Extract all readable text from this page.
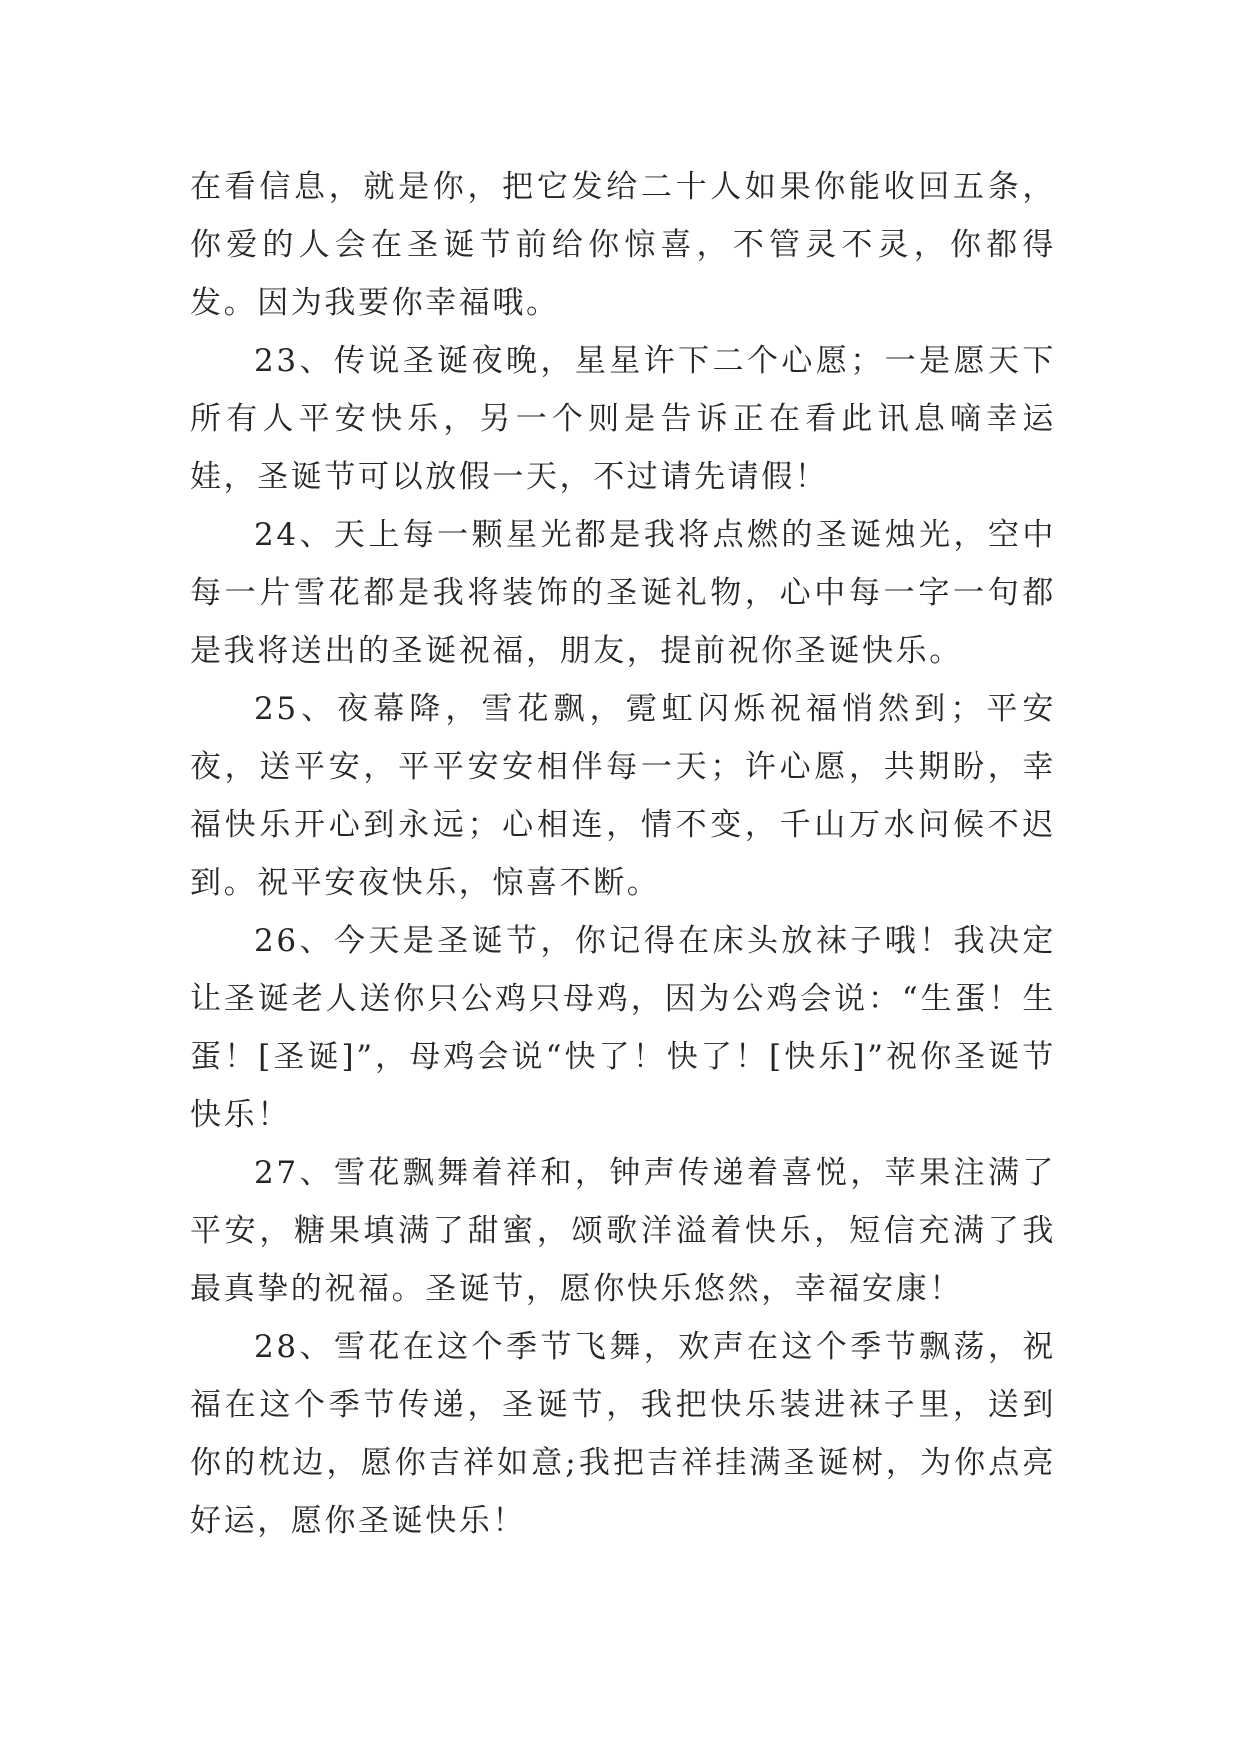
在看信息，就是你，把它发给二十人如果你能收回五条，你爱的人会在圣诞节前给你惊喜，不管灵不灵，你都得发。因为我要你幸福哦。

23、传说圣诞夜晚，星星许下二个心愿；一是愿天下所有人平安快乐，另一个则是告诉正在看此讯息嘀幸运娃，圣诞节可以放假一天，不过请先请假！

24、天上每一颗星光都是我将点燃的圣诞烛光，空中每一片雪花都是我将装饰的圣诞礼物，心中每一字一句都是我将送出的圣诞祝福，朋友，提前祝你圣诞快乐。

25、夜幕降，雪花飘，霓虹闪烁祝福悄然到；平安夜，送平安，平平安安相伴每一天；许心愿，共期盼，幸福快乐开心到永远；心相连，情不变，千山万水问候不迟到。祝平安夜快乐，惊喜不断。

26、今天是圣诞节，你记得在床头放袜子哦！我决定让圣诞老人送你只公鸡只母鸡，因为公鸡会说：“生蛋！生蛋！[圣诞]”，母鸡会说“快了！快了！[快乐]”祝你圣诞节快乐！

27、雪花飘舞着祥和，钟声传递着喜悦，苹果注满了平安，糖果填满了甜蜜，颂歌洋溢着快乐，短信充满了我最真挚的祝福。圣诞节，愿你快乐悠然，幸福安康！

28、雪花在这个季节飞舞，欢声在这个季节飘荡，祝福在这个季节传递，圣诞节，我把快乐装进袜子里，送到你的枕边，愿你吉祥如意;我把吉祥挂满圣诞树，为你点亮好运，愿你圣诞快乐！
